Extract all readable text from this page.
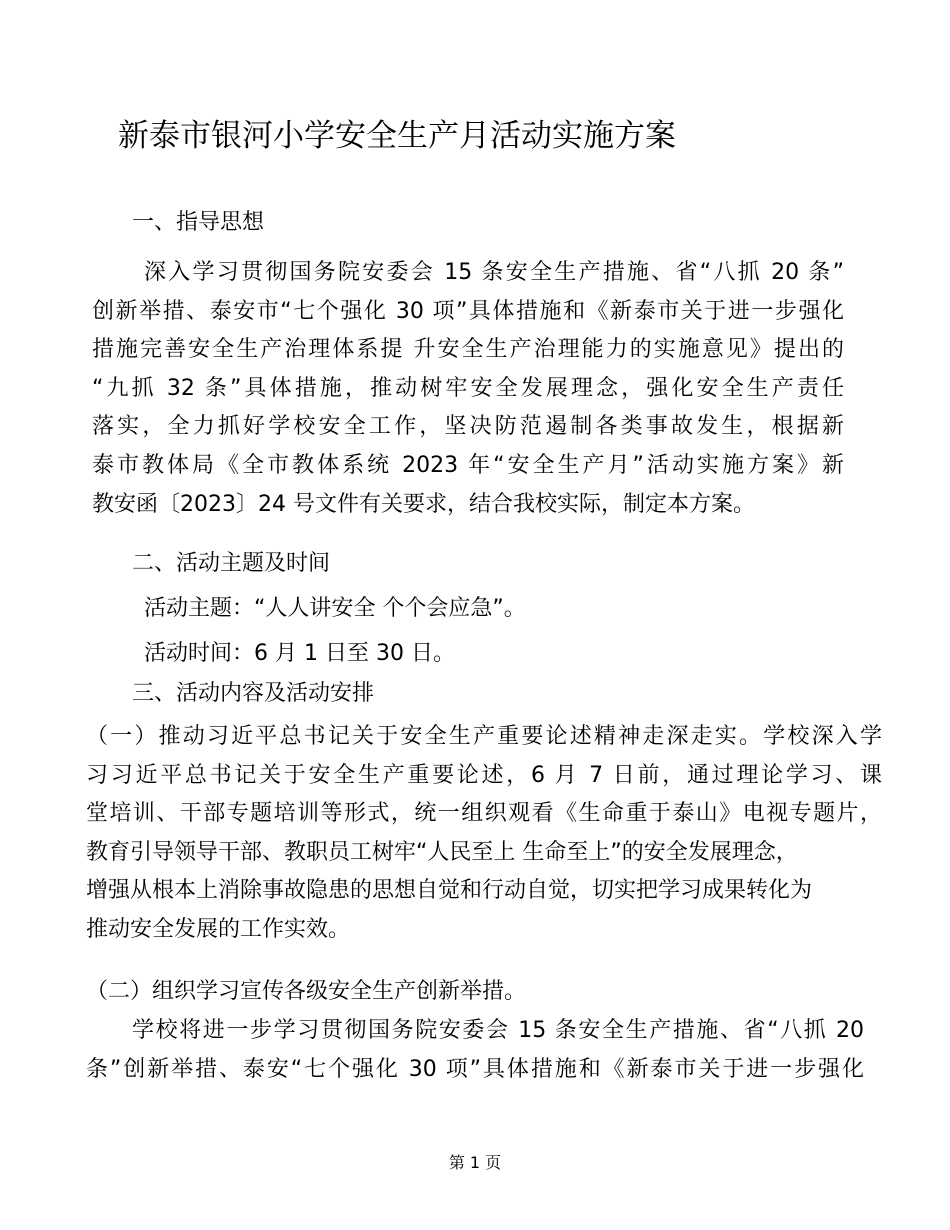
新泰市银河小学安全生产月活动实施方案
一、指导思想
深入学习贯彻国务院安委会 15 条安全生产措施、省“八抓 20 条”
创新举措、泰安市“七个强化 30 项”具体措施和《新泰市关于进一步强化
措施完善安全生产治理体系提 升安全生产治理能力的实施意见》提出的
“九抓 32 条”具体措施，推动树牢安全发展理念，强化安全生产责任
落实，全力抓好学校安全工作，坚决防范遏制各类事故发生，根据新
泰市教体局《全市教体系统 2023 年“安全生产月”活动实施方案》新
教安函〔2023〕24 号文件有关要求，结合我校实际，制定本方案。
二、活动主题及时间
活动主题：“人人讲安全 个个会应急”。
活动时间：6 月 1 日至 30 日。
三、活动内容及活动安排
（一）推动习近平总书记关于安全生产重要论述精神走深走实。学校深入学
习习近平总书记关于安全生产重要论述，6 月 7 日前，通过理论学习、课
堂培训、干部专题培训等形式，统一组织观看《生命重于泰山》电视专题片，
教育引导领导干部、教职员工树牢“人民至上 生命至上”的安全发展理念，
增强从根本上消除事故隐患的思想自觉和行动自觉，切实把学习成果转化为
推动安全发展的工作实效。
（二）组织学习宣传各级安全生产创新举措。
学校将进一步学习贯彻国务院安委会 15 条安全生产措施、省“八抓 20
条”创新举措、泰安“七个强化 30 项”具体措施和《新泰市关于进一步强化
第 1 页
